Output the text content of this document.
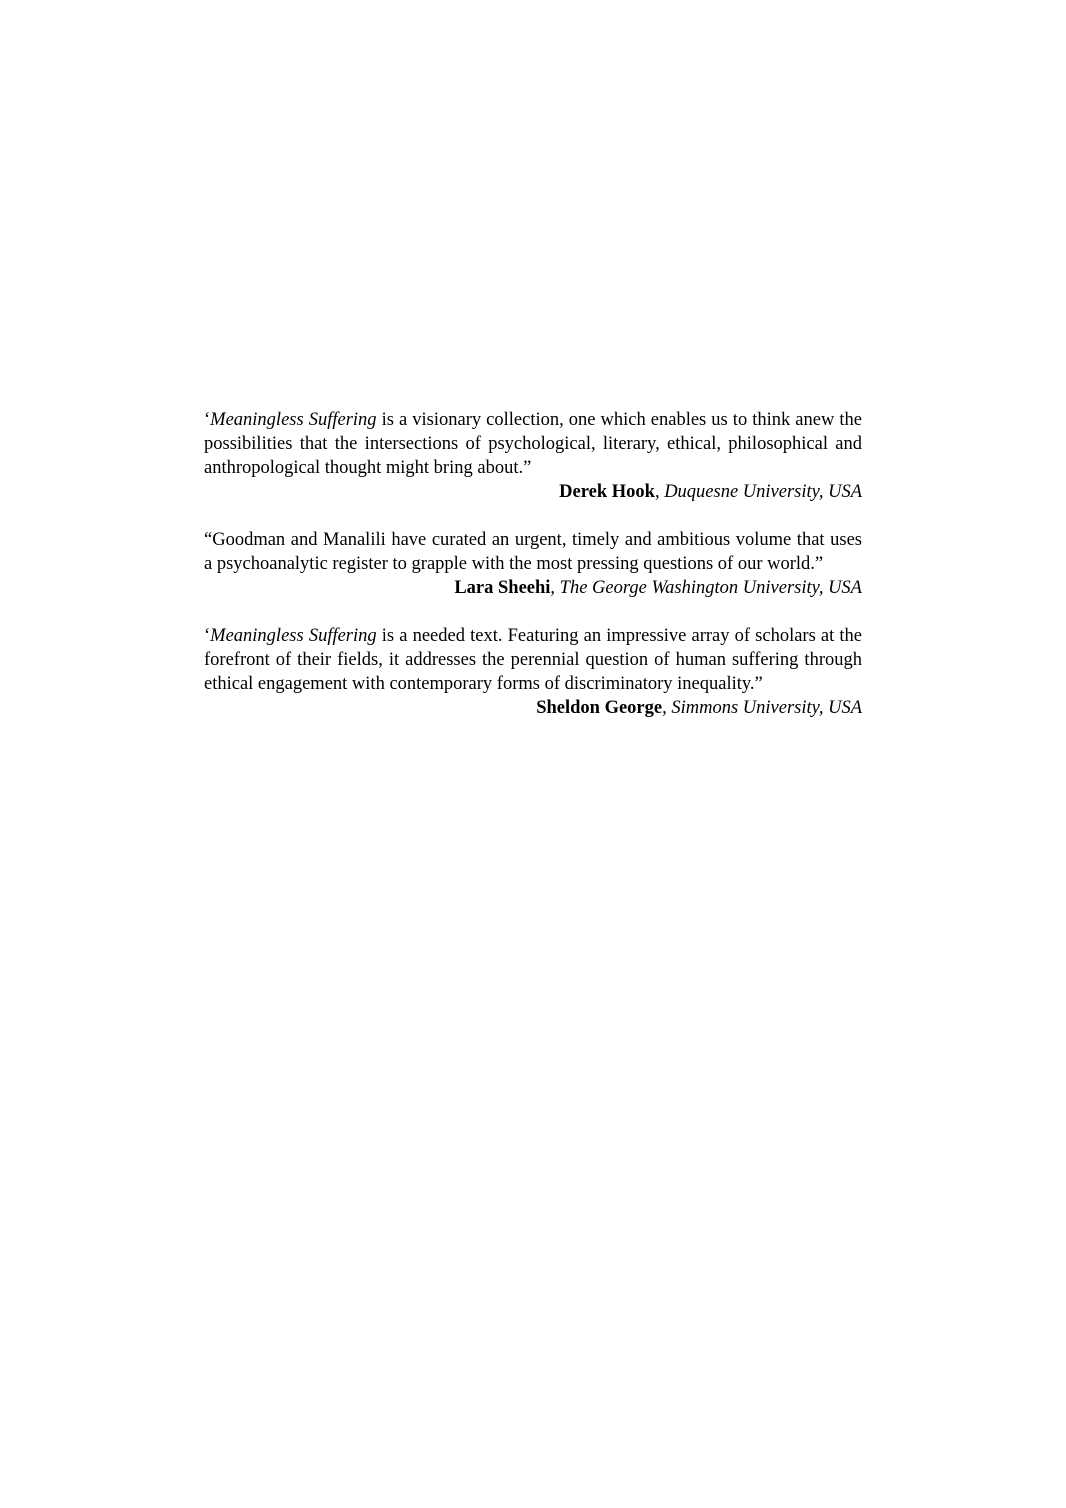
‘Meaningless Suffering is a visionary collection, one which enables us to think anew the possibilities that the intersections of psychological, literary, ethical, philosophical and anthropological thought might bring about.”

Derek Hook, Duquesne University, USA

“Goodman and Manalili have curated an urgent, timely and ambitious volume that uses a psychoanalytic register to grapple with the most pressing questions of our world.”

Lara Sheehi, The George Washington University, USA

‘Meaningless Suffering is a needed text. Featuring an impressive array of scholars at the forefront of their fields, it addresses the perennial question of human suffering through ethical engagement with contemporary forms of discriminatory inequality.”

Sheldon George, Simmons University, USA
